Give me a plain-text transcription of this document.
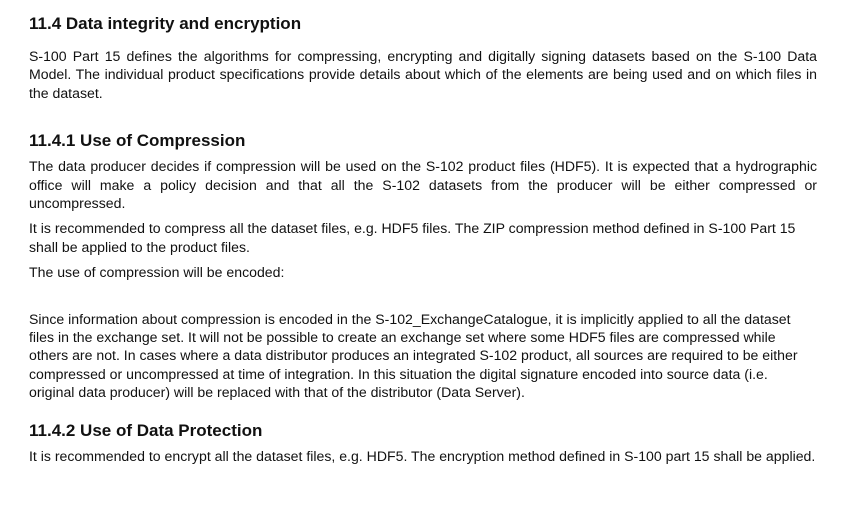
11.4 Data integrity and encryption

S-100 Part 15 defines the algorithms for compressing, encrypting and digitally signing datasets based on the S-100 Data Model. The individual product specifications provide details about which of the elements are being used and on which files in the dataset.

11.4.1 Use of Compression

The data producer decides if compression will be used on the S-102 product files (HDF5). It is expected that a hydrographic office will make a policy decision and that all the S-102 datasets from the producer will be either compressed or uncompressed.

It is recommended to compress all the dataset files, e.g. HDF5 files. The ZIP compression method defined in S-100 Part 15 shall be applied to the product files.

The use of compression will be encoded:

Since information about compression is encoded in the S-102_ExchangeCatalogue, it is implicitly applied to all the dataset files in the exchange set. It will not be possible to create an exchange set where some HDF5 files are compressed while others are not. In cases where a data distributor produces an integrated S-102 product, all sources are required to be either compressed or uncompressed at time of integration. In this situation the digital signature encoded into source data (i.e. original data producer) will be replaced with that of the distributor (Data Server).

11.4.2 Use of Data Protection

It is recommended to encrypt all the dataset files, e.g. HDF5. The encryption method defined in S-100 part 15 shall be applied.
